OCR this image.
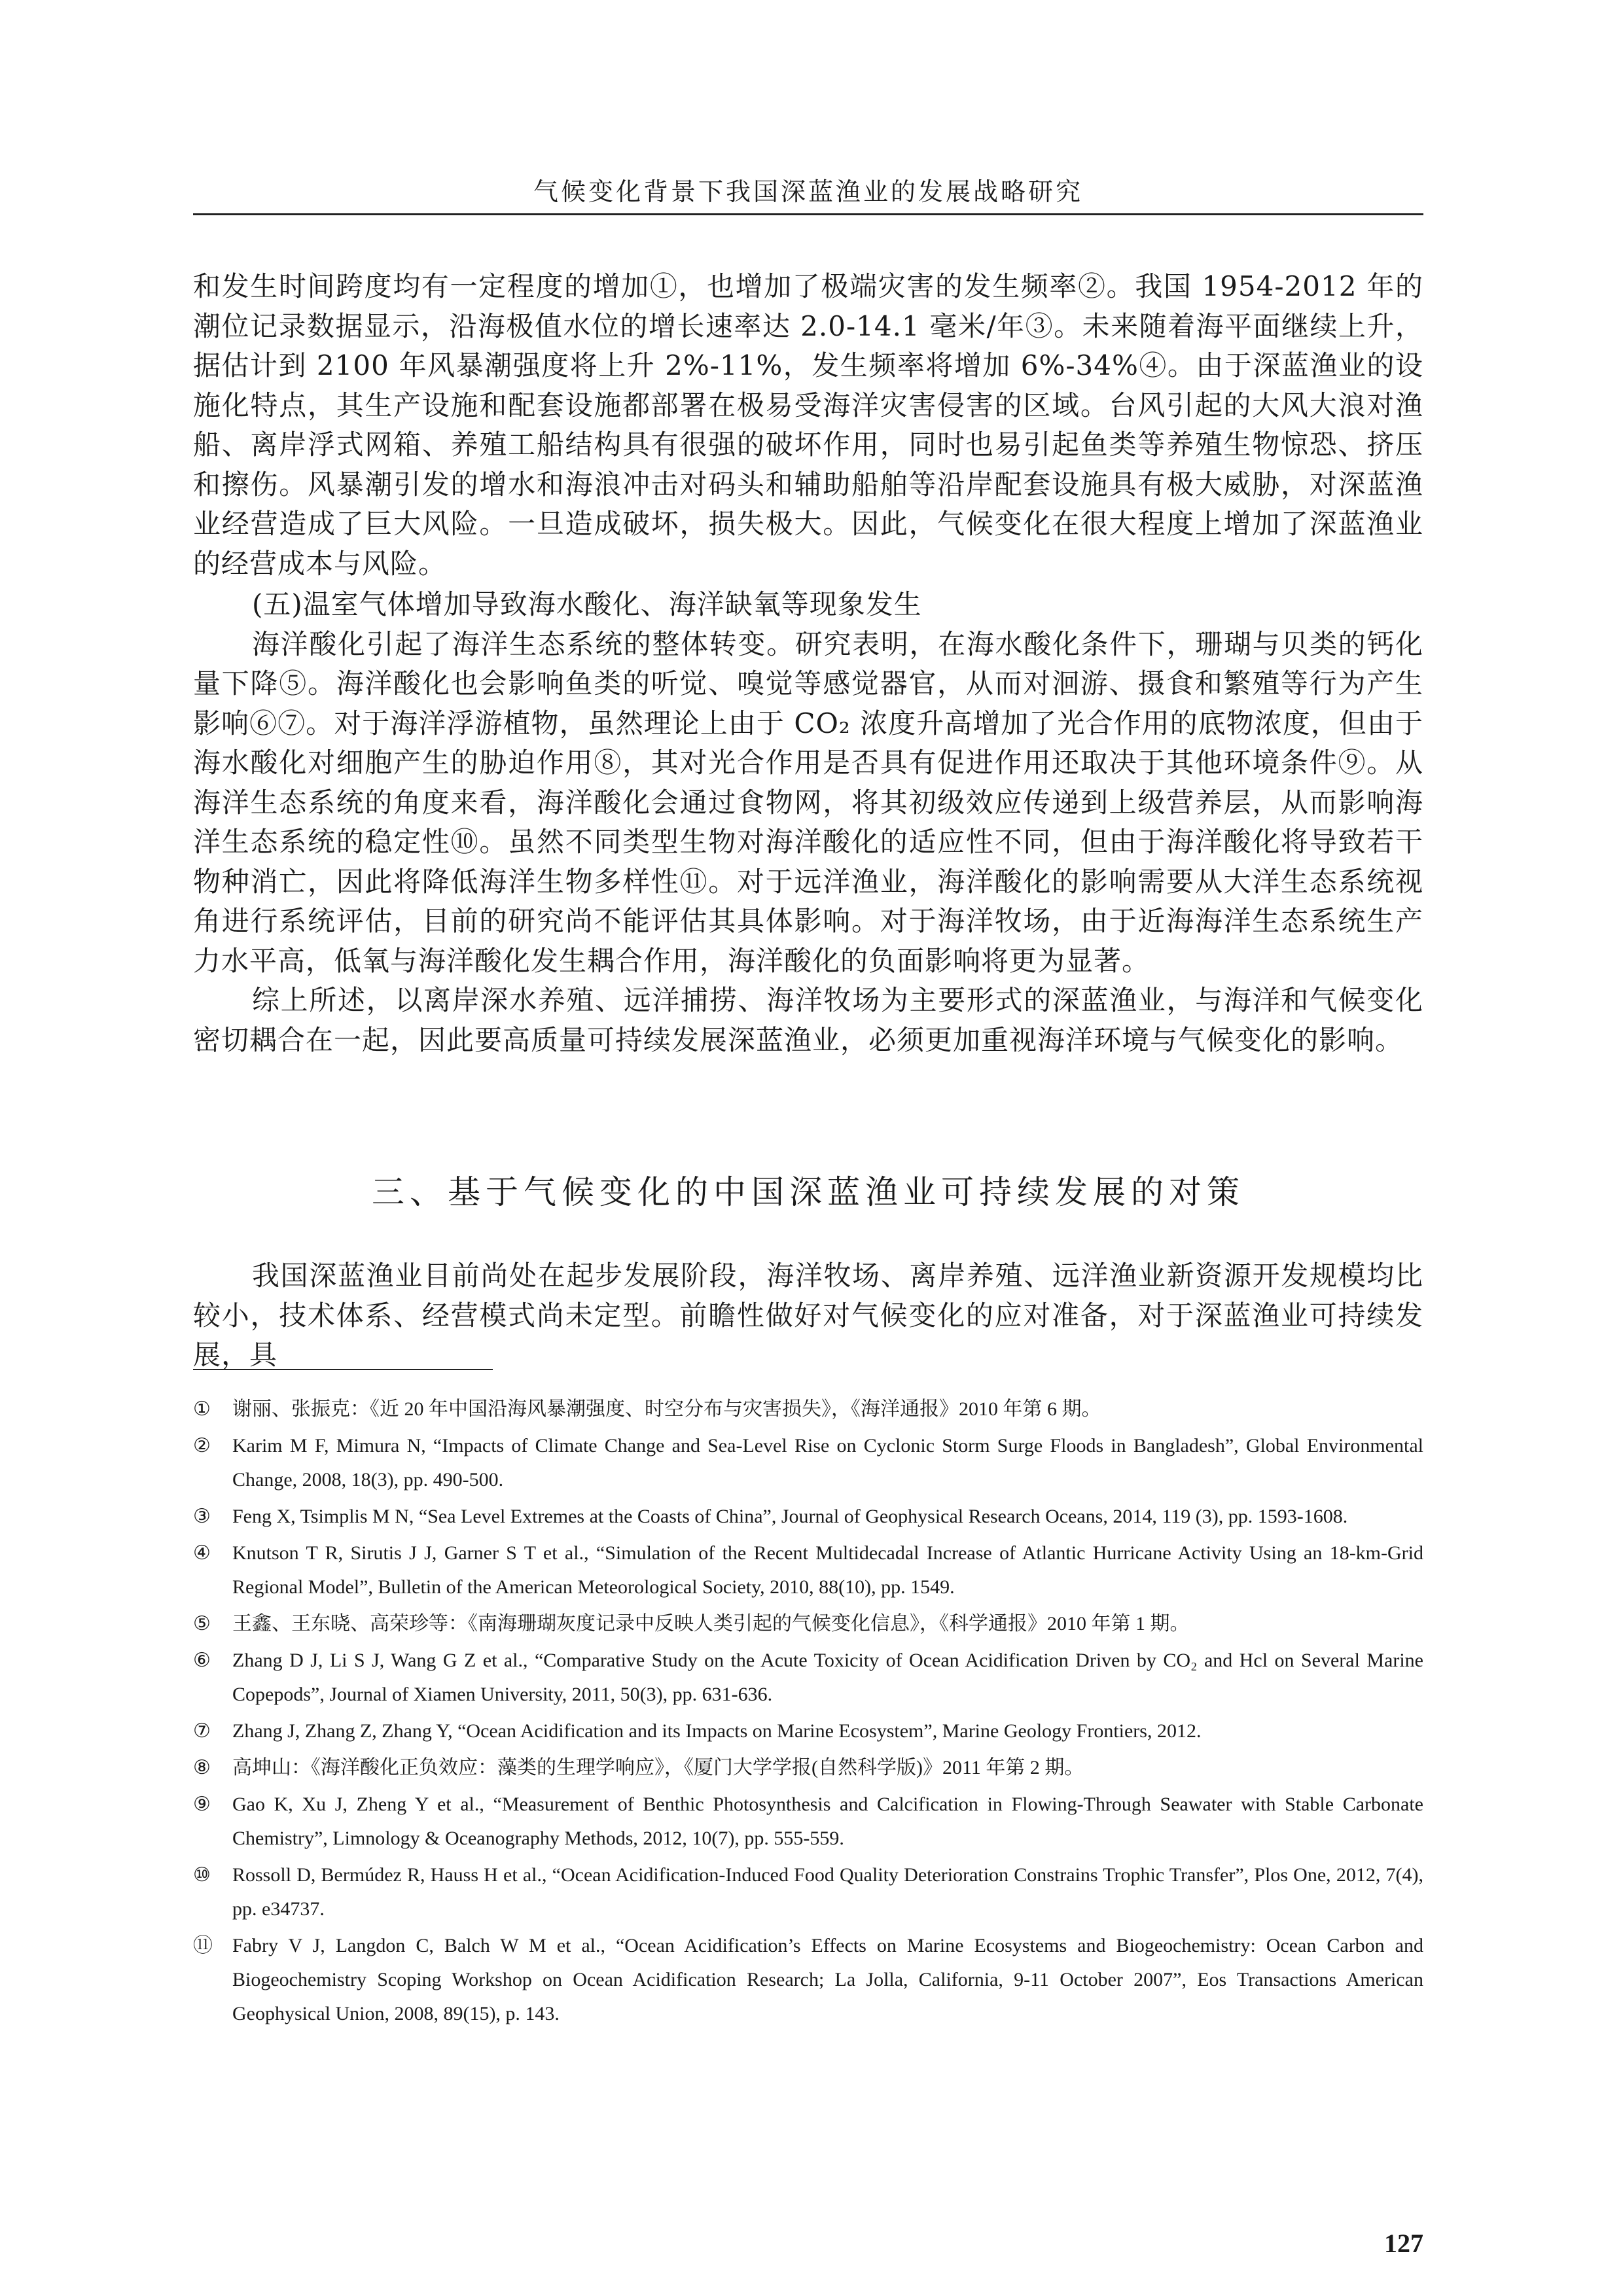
气候变化背景下我国深蓝渔业的发展战略研究

和发生时间跨度均有一定程度的增加①，也增加了极端灾害的发生频率②。我国 1954-2012 年的潮位记录数据显示，沿海极值水位的增长速率达 2.0-14.1 毫米/年③。未来随着海平面继续上升，据估计到 2100 年风暴潮强度将上升 2%-11%，发生频率将增加 6%-34%④。由于深蓝渔业的设施化特点，其生产设施和配套设施都部署在极易受海洋灾害侵害的区域。台风引起的大风大浪对渔船、离岸浮式网箱、养殖工船结构具有很强的破坏作用，同时也易引起鱼类等养殖生物惊恐、挤压和擦伤。风暴潮引发的增水和海浪冲击对码头和辅助船舶等沿岸配套设施具有极大威胁，对深蓝渔业经营造成了巨大风险。一旦造成破坏，损失极大。因此，气候变化在很大程度上增加了深蓝渔业的经营成本与风险。

(五)温室气体增加导致海水酸化、海洋缺氧等现象发生

海洋酸化引起了海洋生态系统的整体转变。研究表明，在海水酸化条件下，珊瑚与贝类的钙化量下降⑤。海洋酸化也会影响鱼类的听觉、嗅觉等感觉器官，从而对洄游、摄食和繁殖等行为产生影响⑥⑦。对于海洋浮游植物，虽然理论上由于 CO₂ 浓度升高增加了光合作用的底物浓度，但由于海水酸化对细胞产生的胁迫作用⑧，其对光合作用是否具有促进作用还取决于其他环境条件⑨。从海洋生态系统的角度来看，海洋酸化会通过食物网，将其初级效应传递到上级营养层，从而影响海洋生态系统的稳定性⑩。虽然不同类型生物对海洋酸化的适应性不同，但由于海洋酸化将导致若干物种消亡，因此将降低海洋生物多样性⑪。对于远洋渔业，海洋酸化的影响需要从大洋生态系统视角进行系统评估，目前的研究尚不能评估其具体影响。对于海洋牧场，由于近海海洋生态系统生产力水平高，低氧与海洋酸化发生耦合作用，海洋酸化的负面影响将更为显著。

综上所述，以离岸深水养殖、远洋捕捞、海洋牧场为主要形式的深蓝渔业，与海洋和气候变化密切耦合在一起，因此要高质量可持续发展深蓝渔业，必须更加重视海洋环境与气候变化的影响。

三、基于气候变化的中国深蓝渔业可持续发展的对策

我国深蓝渔业目前尚处在起步发展阶段，海洋牧场、离岸养殖、远洋渔业新资源开发规模均比较小，技术体系、经营模式尚未定型。前瞻性做好对气候变化的应对准备，对于深蓝渔业可持续发展，具

①	谢丽、张振克：《近 20 年中国沿海风暴潮强度、时空分布与灾害损失》，《海洋通报》2010 年第 6 期。
②	Karim M F, Mimura N, “Impacts of Climate Change and Sea-Level Rise on Cyclonic Storm Surge Floods in Bangladesh”, Global Environmental Change, 2008, 18(3), pp. 490-500.
③	Feng X, Tsimplis M N, “Sea Level Extremes at the Coasts of China”, Journal of Geophysical Research Oceans, 2014, 119 (3), pp. 1593-1608.
④	Knutson T R, Sirutis J J, Garner S T et al., “Simulation of the Recent Multidecadal Increase of Atlantic Hurricane Activity Using an 18-km-Grid Regional Model”, Bulletin of the American Meteorological Society, 2010, 88(10), pp. 1549.
⑤	王鑫、王东晓、高荣珍等：《南海珊瑚灰度记录中反映人类引起的气候变化信息》，《科学通报》2010 年第 1 期。
⑥	Zhang D J, Li S J, Wang G Z et al., “Comparative Study on the Acute Toxicity of Ocean Acidification Driven by CO₂ and Hcl on Several Marine Copepods”, Journal of Xiamen University, 2011, 50(3), pp. 631-636.
⑦	Zhang J, Zhang Z, Zhang Y, “Ocean Acidification and its Impacts on Marine Ecosystem”, Marine Geology Frontiers, 2012.
⑧	高坤山：《海洋酸化正负效应：藻类的生理学响应》，《厦门大学学报(自然科学版)》2011 年第 2 期。
⑨	Gao K, Xu J, Zheng Y et al., “Measurement of Benthic Photosynthesis and Calcification in Flowing-Through Seawater with Stable Carbonate Chemistry”, Limnology & Oceanography Methods, 2012, 10(7), pp. 555-559.
⑩	Rossoll D, Bermúdez R, Hauss H et al., “Ocean Acidification-Induced Food Quality Deterioration Constrains Trophic Transfer”, Plos One, 2012, 7(4), pp. e34737.
⑪	Fabry V J, Langdon C, Balch W M et al., “Ocean Acidification’s Effects on Marine Ecosystems and Biogeochemistry: Ocean Carbon and Biogeochemistry Scoping Workshop on Ocean Acidification Research; La Jolla, California, 9-11 October 2007”, Eos Transactions American Geophysical Union, 2008, 89(15), p. 143.
127
